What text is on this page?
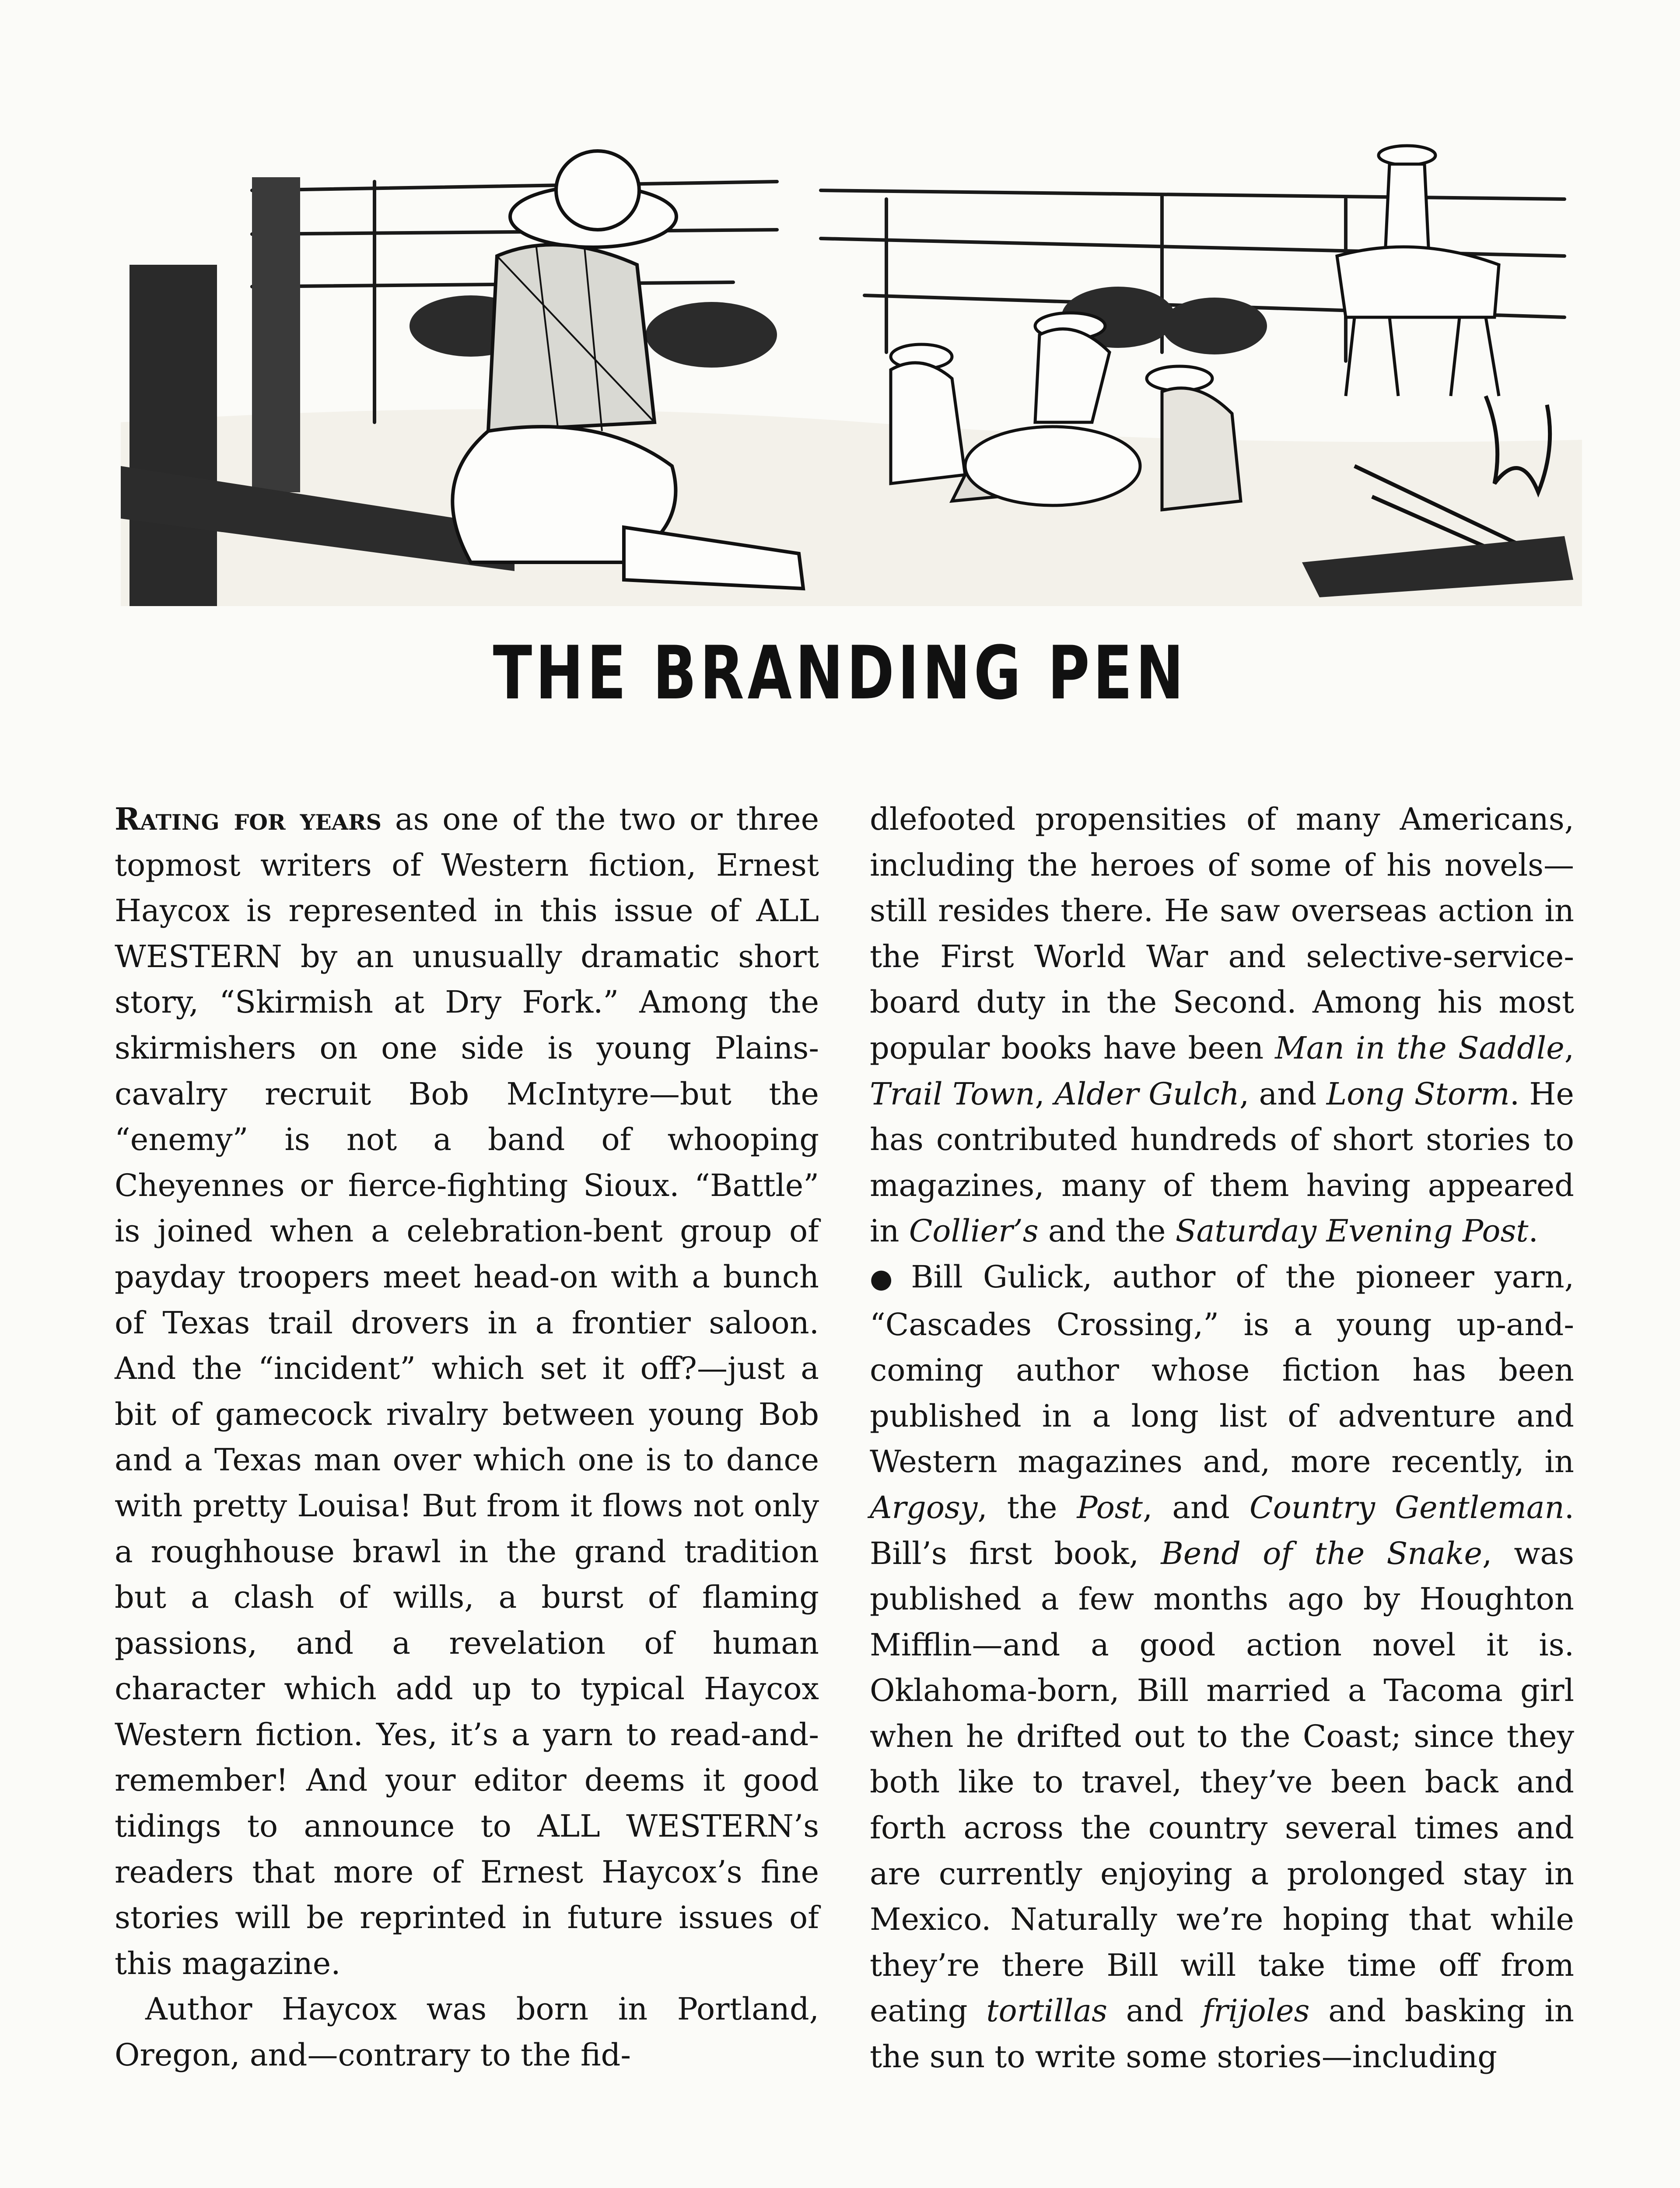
THE BRANDING PEN

Rating for years as one of the two or three topmost writers of Western fiction, Ernest Haycox is represented in this issue of ALL WESTERN by an unusually dramatic short story, “Skirmish at Dry Fork.” Among the skirmishers on one side is young Plains-cavalry recruit Bob McIntyre—but the “enemy” is not a band of whooping Cheyennes or fierce-fighting Sioux. “Battle” is joined when a celebration-bent group of payday troopers meet head-on with a bunch of Texas trail drovers in a frontier saloon. And the “incident” which set it off?—just a bit of gamecock rivalry between young Bob and a Texas man over which one is to dance with pretty Louisa! But from it flows not only a roughhouse brawl in the grand tradition but a clash of wills, a burst of flaming passions, and a revelation of human character which add up to typical Haycox Western fiction. Yes, it’s a yarn to read-and-remember! And your editor deems it good tidings to announce to ALL WESTERN’s readers that more of Ernest Haycox’s fine stories will be reprinted in future issues of this magazine.

Author Haycox was born in Portland, Oregon, and—contrary to the fid-

dlefooted propensities of many Americans, including the heroes of some of his novels—still resides there. He saw overseas action in the First World War and selective-service-board duty in the Second. Among his most popular books have been Man in the Saddle, Trail Town, Alder Gulch, and Long Storm. He has contributed hundreds of short stories to magazines, many of them having appeared in Collier’s and the Saturday Evening Post.

● Bill Gulick, author of the pioneer yarn, “Cascades Crossing,” is a young up-and-coming author whose fiction has been published in a long list of adventure and Western magazines and, more recently, in Argosy, the Post, and Country Gentleman. Bill’s first book, Bend of the Snake, was published a few months ago by Houghton Mifflin—and a good action novel it is. Oklahoma-born, Bill married a Tacoma girl when he drifted out to the Coast; since they both like to travel, they’ve been back and forth across the country several times and are currently enjoying a prolonged stay in Mexico. Naturally we’re hoping that while they’re there Bill will take time off from eating tortillas and frijoles and basking in the sun to write some stories—including
